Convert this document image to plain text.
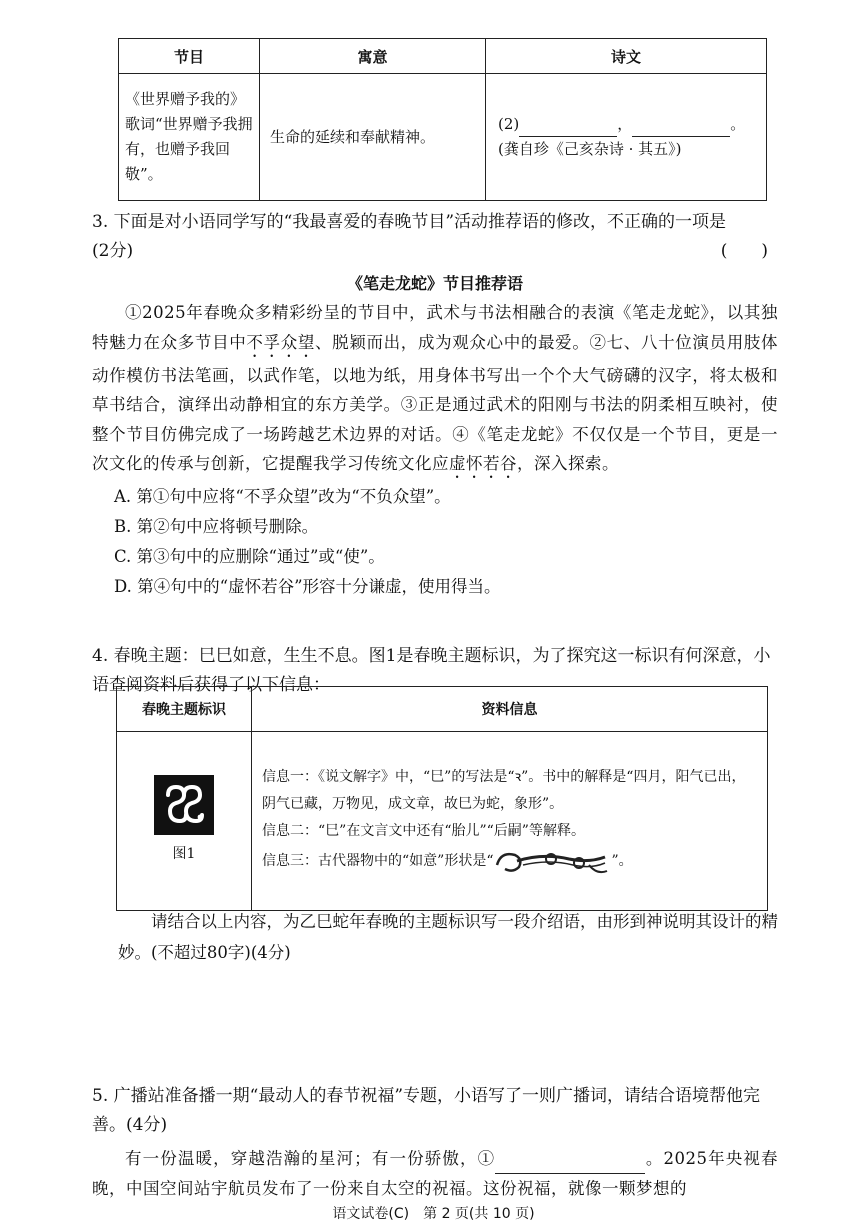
节目	寓意	诗文
《世界赠予我的》歌词“世界赠予我拥有，也赠予我回敬”。	生命的延续和奉献精神。	(2) ， 。(龚自珍《己亥杂诗 · 其五》)
3. 下面是对小语同学写的“我最喜爱的春晚节目”活动推荐语的修改，不正确的一项是
(2分)	(　　)
《笔走龙蛇》节目推荐语
①2025年春晚众多精彩纷呈的节目中，武术与书法相融合的表演《笔走龙蛇》，以其独特魅力在众多节目中不孚众望、脱颖而出，成为观众心中的最爱。②七、八十位演员用肢体动作模仿书法笔画，以武作笔，以地为纸，用身体书写出一个个大气磅礴的汉字，将太极和草书结合，演绎出动静相宜的东方美学。③正是通过武术的阳刚与书法的阴柔相互映衬，使整个节目仿佛完成了一场跨越艺术边界的对话。④《笔走龙蛇》不仅仅是一个节目，更是一次文化的传承与创新，它提醒我学习传统文化应虚怀若谷，深入探索。
A. 第①句中应将“不孚众望”改为“不负众望”。
B. 第②句中应将顿号删除。
C. 第③句中的应删除“通过”或“使”。
D. 第④句中的“虚怀若谷”形容十分谦虚，使用得当。
4. 春晚主题：巳巳如意，生生不息。图1是春晚主题标识，为了探究这一标识有何深意，小语查阅资料后获得了以下信息：
春晚主题标识	资料信息

图1	信息一：《说文解字》中，“巳”的写法是“ꝛ”。书中的解释是“四月，阳气已出，阴气已藏，万物见，成文章，故巳为蛇，象形”。
信息二：“巳”在文言文中还有“胎儿”“后嗣”等解释。
信息三：古代器物中的“如意”形状是“ ”。
请结合以上内容，为乙巳蛇年春晚的主题标识写一段介绍语，由形到神说明其设计的精妙。(不超过80字)(4分)
5. 广播站准备播一期“最动人的春节祝福”专题，小语写了一则广播词，请结合语境帮他完善。(4分)
有一份温暖，穿越浩瀚的星河；有一份骄傲，①	。2025年央视春晚，中国空间站宇航员发布了一份来自太空的祝福。这份祝福，就像一颗梦想的
语文试卷(C)　第 2 页(共 10 页)
